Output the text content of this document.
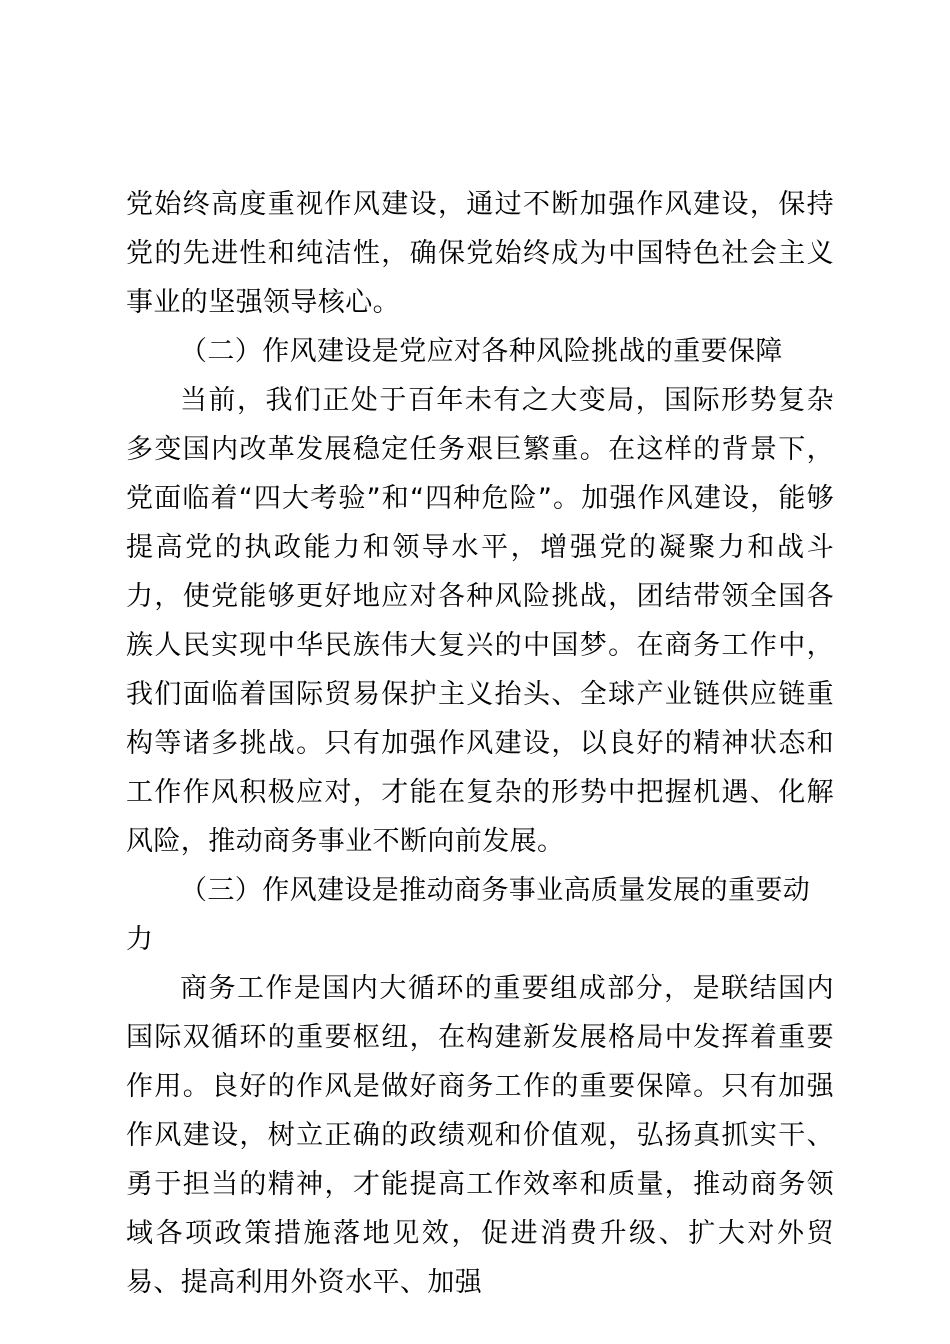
党始终高度重视作风建设，通过不断加强作风建设，保持党的先进性和纯洁性，确保党始终成为中国特色社会主义事业的坚强领导核心。

（二）作风建设是党应对各种风险挑战的重要保障

当前，我们正处于百年未有之大变局，国际形势复杂多变国内改革发展稳定任务艰巨繁重。在这样的背景下，党面临着“四大考验”和“四种危险”。加强作风建设，能够提高党的执政能力和领导水平，增强党的凝聚力和战斗力，使党能够更好地应对各种风险挑战，团结带领全国各族人民实现中华民族伟大复兴的中国梦。在商务工作中，我们面临着国际贸易保护主义抬头、全球产业链供应链重构等诸多挑战。只有加强作风建设，以良好的精神状态和工作作风积极应对，才能在复杂的形势中把握机遇、化解风险，推动商务事业不断向前发展。

（三）作风建设是推动商务事业高质量发展的重要动力

商务工作是国内大循环的重要组成部分，是联结国内国际双循环的重要枢纽，在构建新发展格局中发挥着重要作用。良好的作风是做好商务工作的重要保障。只有加强作风建设，树立正确的政绩观和价值观，弘扬真抓实干、勇于担当的精神，才能提高工作效率和质量，推动商务领域各项政策措施落地见效，促进消费升级、扩大对外贸易、提高利用外资水平、加强
